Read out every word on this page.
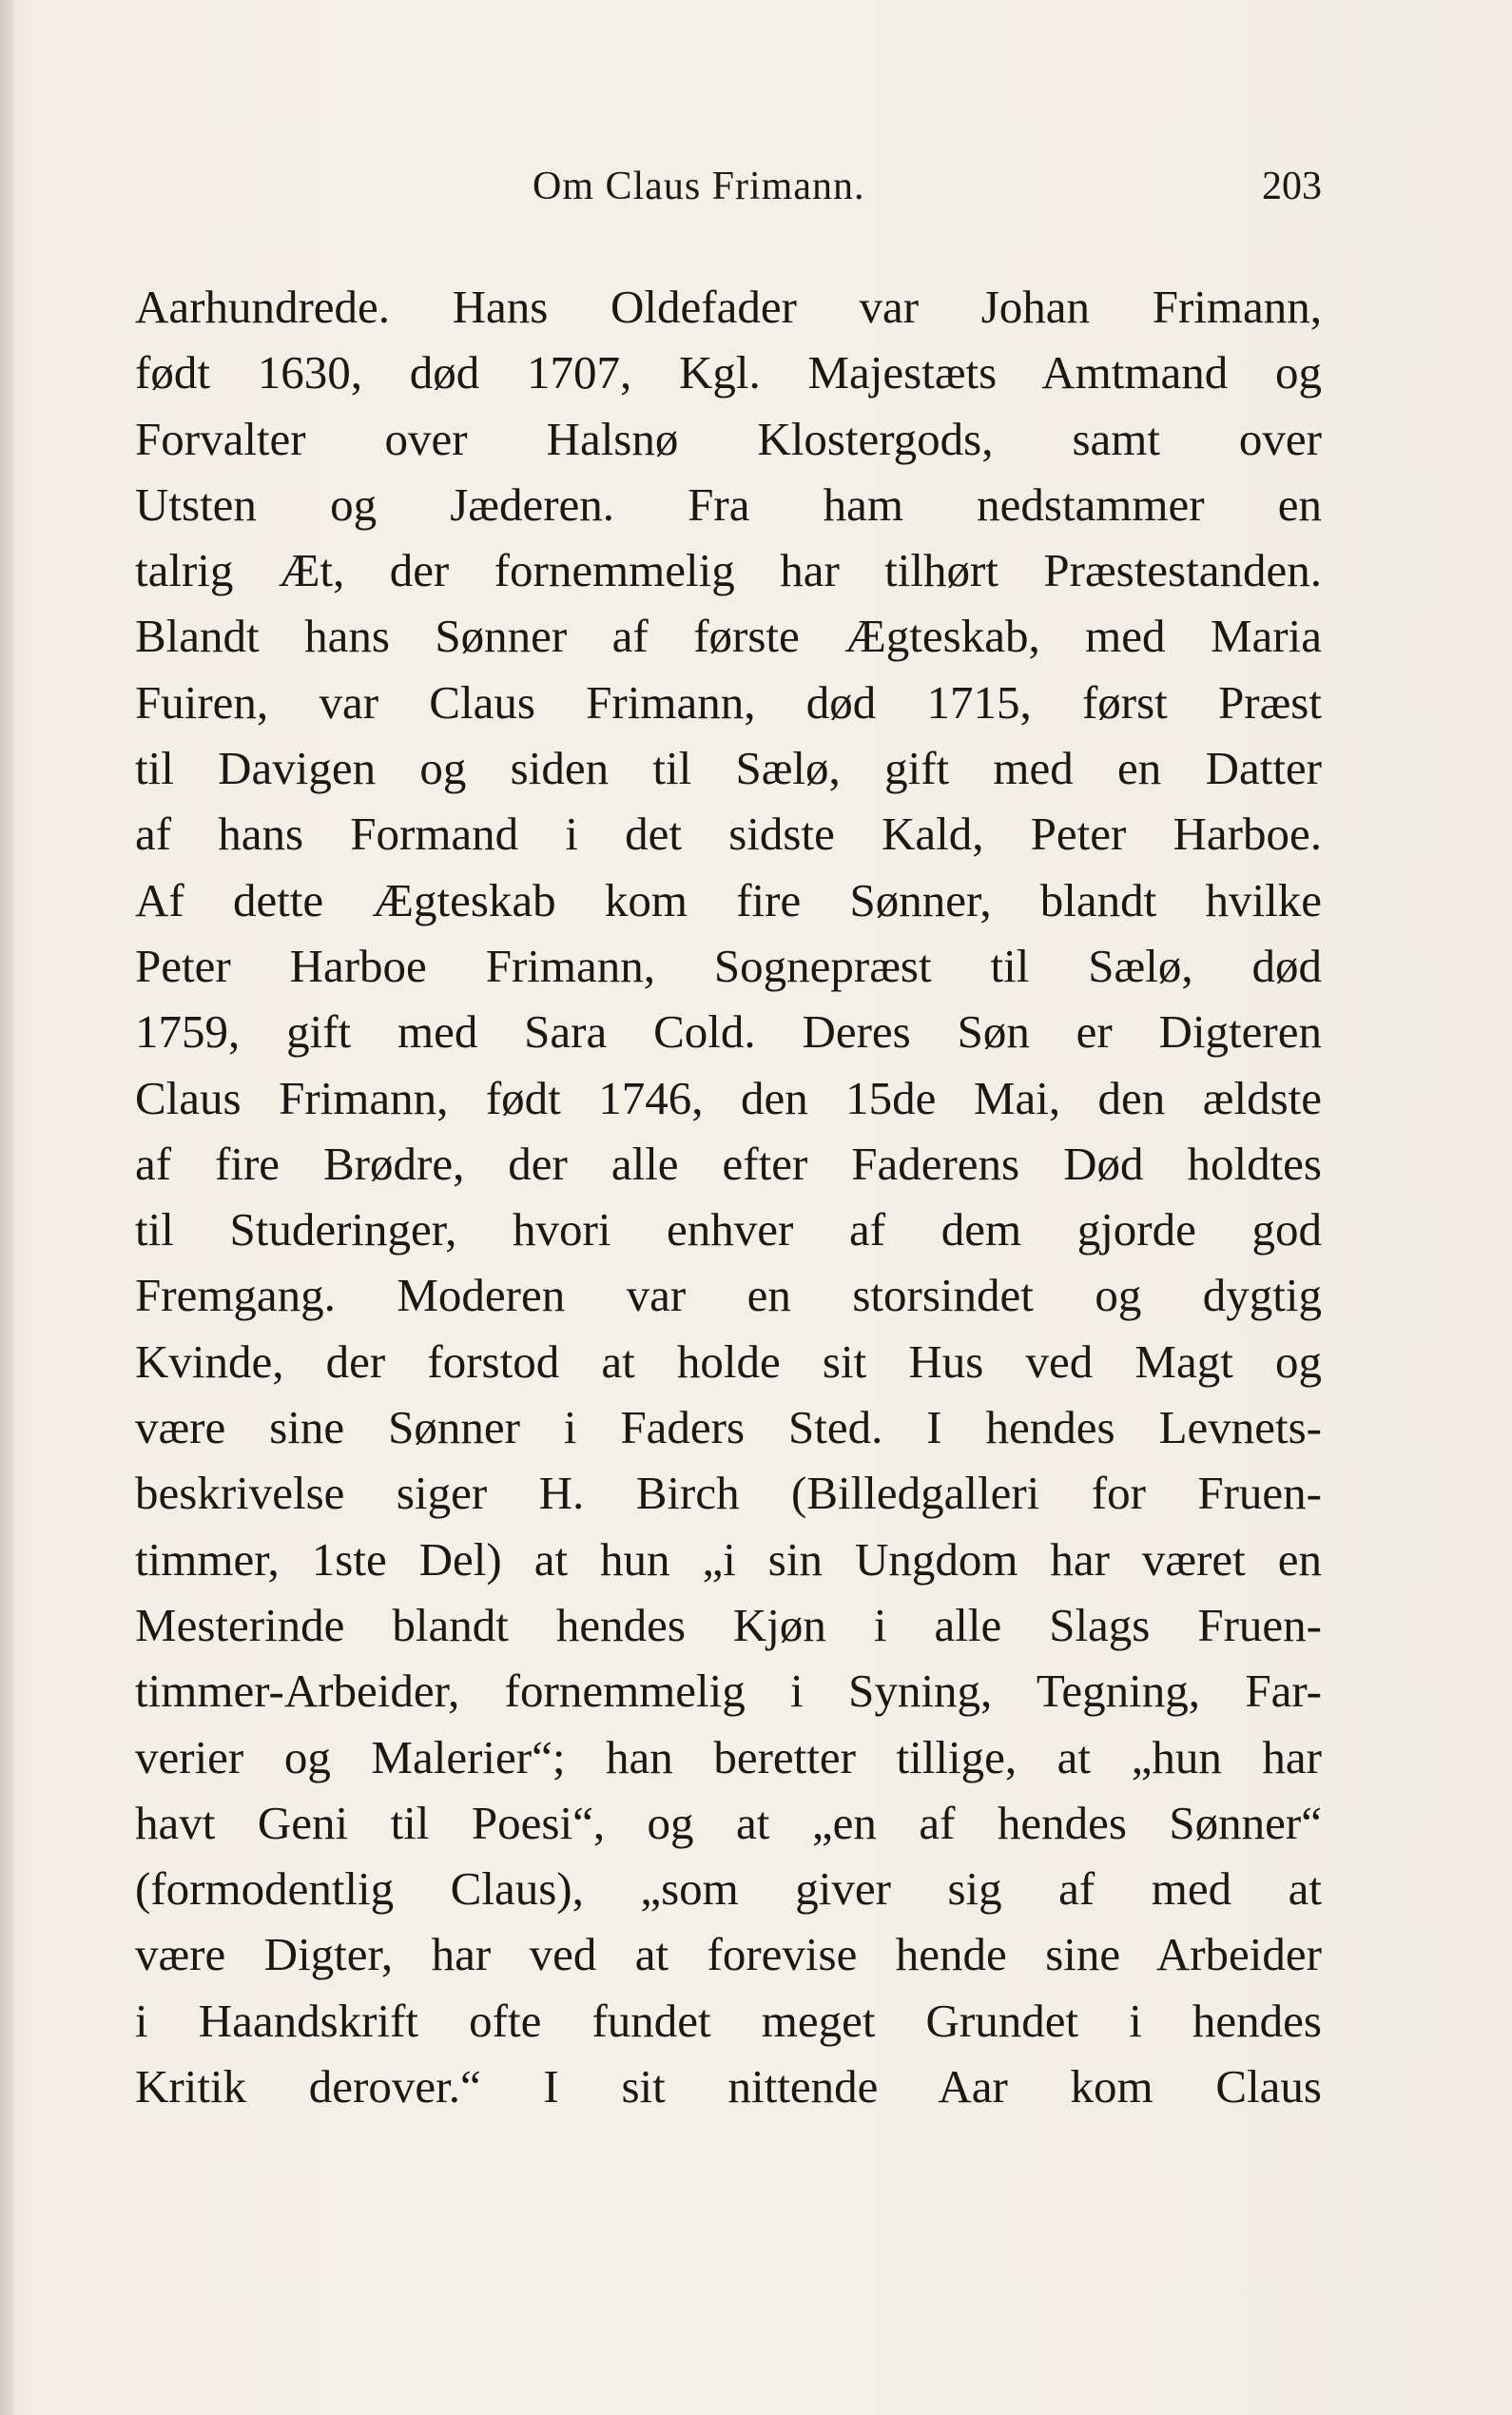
Om Claus Frimann.	203
Aarhundrede. Hans Oldefader var Johan Frimann,
født 1630, død 1707, Kgl. Majestæts Amtmand og
Forvalter over Halsnø Klostergods, samt over
Utsten og Jæderen. Fra ham nedstammer en
talrig Æt, der fornemmelig har tilhørt Præstestanden.
Blandt hans Sønner af første Ægteskab, med Maria
Fuiren, var Claus Frimann, død 1715, først Præst
til Davigen og siden til Sælø, gift med en Datter
af hans Formand i det sidste Kald, Peter Harboe.
Af dette Ægteskab kom fire Sønner, blandt hvilke
Peter Harboe Frimann, Sognepræst til Sælø, død
1759, gift med Sara Cold. Deres Søn er Digteren
Claus Frimann, født 1746, den 15de Mai, den ældste
af fire Brødre, der alle efter Faderens Død holdtes
til Studeringer, hvori enhver af dem gjorde god
Fremgang. Moderen var en storsindet og dygtig
Kvinde, der forstod at holde sit Hus ved Magt og
være sine Sønner i Faders Sted. I hendes Levnets-
beskrivelse siger H. Birch (Billedgalleri for Fruen-
timmer, 1ste Del) at hun „i sin Ungdom har været en
Mesterinde blandt hendes Kjøn i alle Slags Fruen-
timmer-Arbeider, fornemmelig i Syning, Tegning, Far-
verier og Malerier“; han beretter tillige, at „hun har
havt Geni til Poesi“, og at „en af hendes Sønner“
(formodentlig Claus), „som giver sig af med at
være Digter, har ved at forevise hende sine Arbeider
i Haandskrift ofte fundet meget Grundet i hendes
Kritik derover.“ I sit nittende Aar kom Claus
